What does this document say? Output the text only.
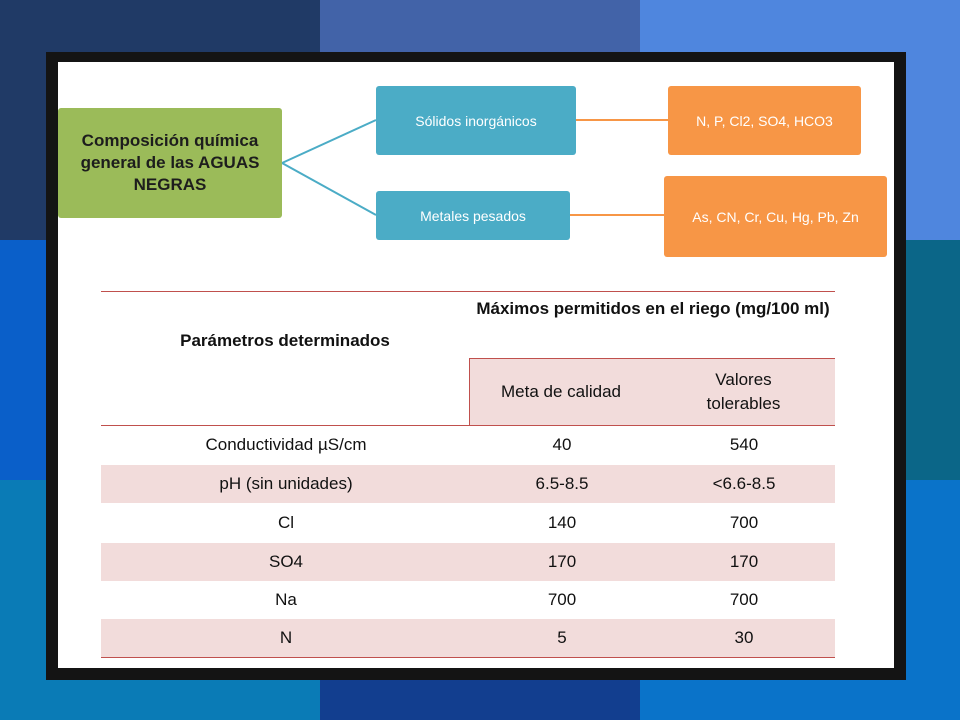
Composición química general de las AGUAS NEGRAS
Sólidos inorgánicos
Metales pesados
N, P, Cl2, SO4, HCO3
As, CN, Cr, Cu, Hg, Pb, Zn
Parámetros determinados
Máximos permitidos en el riego (mg/100 ml)
Meta de calidad
Valores tolerables
Conductividad µS/cm	40	540
pH (sin unidades)	6.5-8.5	<6.6-8.5
Cl	140	700
SO4	170	170
Na	700	700
N	5	30
